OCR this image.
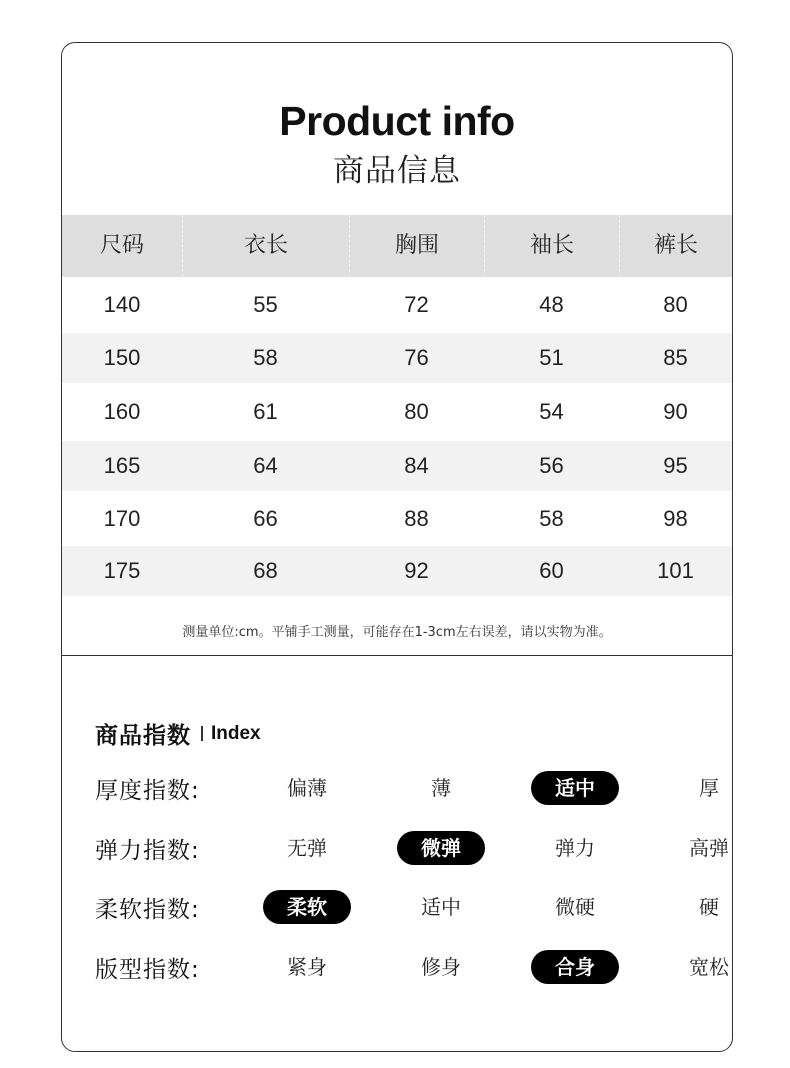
Product info
商品信息
尺码	衣长	胸围	袖长	裤长
140	55	72	48	80
150	58	76	51	85
160	61	80	54	90
165	64	84	56	95
170	66	88	58	98
175	68	92	60	101
测量单位:cm。平铺手工测量，可能存在1-3cm左右误差，请以实物为准。
商品指数 Index
厚度指数:	偏薄	薄	适中	厚
弹力指数:	无弹	微弹	弹力	高弹
柔软指数:	柔软	适中	微硬	硬
版型指数:	紧身	修身	合身	宽松
